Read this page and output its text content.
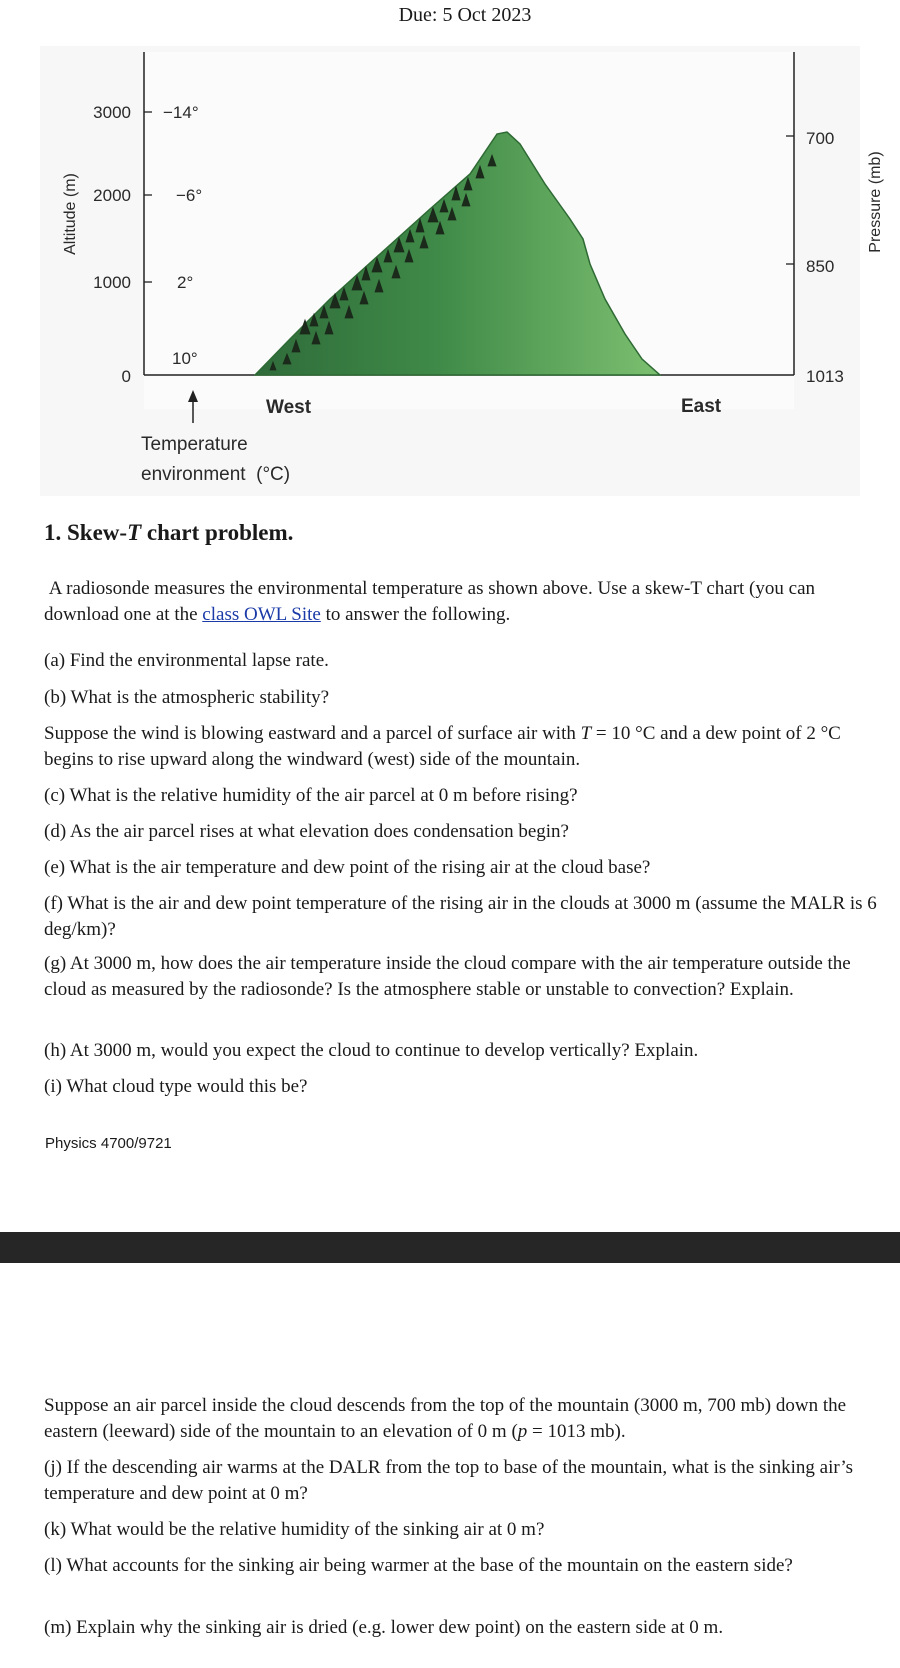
Due: 5 Oct 2023
Altitude (m)	Pressure (mb)
3000
2000
1000
0
−14°
−6°
2°
10°
700
850
1013
Temperature
environment  (°C)
West	East
1. Skew-T chart problem.

A radiosonde measures the environmental temperature as shown above. Use a skew-T chart (you can download one at the class OWL Site to answer the following.

(a) Find the environmental lapse rate.

(b) What is the atmospheric stability?

Suppose the wind is blowing eastward and a parcel of surface air with T = 10 °C and a dew point of 2 °C begins to rise upward along the windward (west) side of the mountain.

(c) What is the relative humidity of the air parcel at 0 m before rising?

(d) As the air parcel rises at what elevation does condensation begin?

(e) What is the air temperature and dew point of the rising air at the cloud base?

(f) What is the air and dew point temperature of the rising air in the clouds at 3000 m (assume the MALR is 6 deg/km)?

(g) At 3000 m, how does the air temperature inside the cloud compare with the air temperature outside the cloud as measured by the radiosonde? Is the atmosphere stable or unstable to convection? Explain.

(h) At 3000 m, would you expect the cloud to continue to develop vertically? Explain.

(i) What cloud type would this be?

Physics 4700/9721

Suppose an air parcel inside the cloud descends from the top of the mountain (3000 m, 700 mb) down the eastern (leeward) side of the mountain to an elevation of 0 m (p = 1013 mb).

(j) If the descending air warms at the DALR from the top to base of the mountain, what is the sinking air’s temperature and dew point at 0 m?

(k) What would be the relative humidity of the sinking air at 0 m?

(l) What accounts for the sinking air being warmer at the base of the mountain on the eastern side?

(m) Explain why the sinking air is dried (e.g. lower dew point) on the eastern side at 0 m.
